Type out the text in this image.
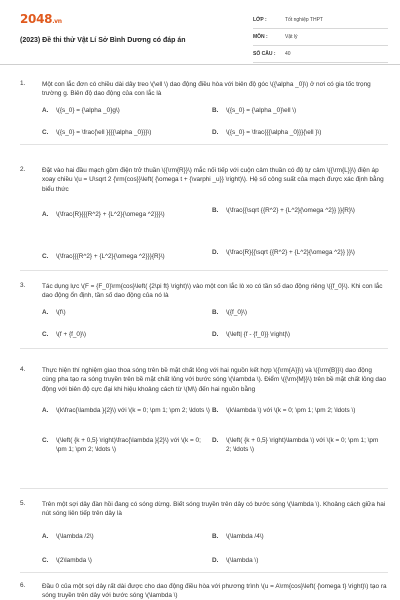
2048.vn
(2023) Đề thi thử Vật Lí Sở Bình Dương có đáp án
LỚP :	Tốt nghiệp THPT
MÔN :	Vật lý
SỐ CÂU :	40
1.	Một con lắc đơn có chiều dài dây treo \(\ell \) dao động điều hòa với biên độ góc \({\alpha _0}\) ở nơi có gia tốc trọng trường g. Biên độ dao động của con lắc là
A. \({s_0} = {\alpha _0}g\)	B. \({s_0} = {\alpha _0}\ell \)
C. \({s_0} = \frac{\ell }{{{\alpha _0}}}\)	D. \({s_0} = \frac{{{\alpha _0}}}{\ell }\)
2.	Đặt vào hai đầu mạch gồm điện trở thuần \({\rm{R}}\) mắc nối tiếp với cuộn cảm thuần có độ tự cảm \({\rm{L}}\) điện áp xoay chiều \(u = U\sqrt 2 {\rm{cos}}\left( {\omega t + {\varphi _u}} \right)\). Hệ số công suất của mạch được xác định bằng biểu thức
A. \(\frac{R}{{{R^2} + {L^2}{\omega ^2}}}\)
B. \(\frac{{\sqrt {{R^2} + {L^2}{\omega ^2}} }}{R}\)
C. \(\frac{{{R^2} + {L^2}{\omega ^2}}}{R}\)
D. \(\frac{R}{{\sqrt {{R^2} + {L^2}{\omega ^2}} }}\)
3.	Tác dụng lực \(F = {F_0}\rm{cos}\left( {2\pi ft} \right)\) vào một con lắc lò xo có tần số dao động riêng \({f_0}\). Khi con lắc dao động ổn định, tần số dao động của nó là
A. \(f\)	B. \({f_0}\)
C. \(f + {f_0}\)	D. \(\left| {f - {f_0}} \right|\)
4.	Thực hiện thí nghiệm giao thoa sóng trên bề mặt chất lỏng với hai nguồn kết hợp \({\rm{A}}\) và \({\rm{B}}\) dao động cùng pha tạo ra sóng truyền trên bề mặt chất lỏng với bước sóng \(\lambda \). Điểm \({\rm{M}}\) trên bề mặt chất lỏng dao động với biên độ cực đại khi hiệu khoảng cách từ \(M\) đến hai nguồn bằng
A. \(k\frac{\lambda }{2}\) với \(k = 0; \pm 1; \pm 2; \ldots \) B. \(k\lambda \) với \(k = 0; \pm 1; \pm 2; \ldots \)
C. \(\left( {k + 0,5} \right)\frac{\lambda }{2}\) với \(k = 0; \pm 1; \pm 2; \ldots \)
D. \(\left( {k + 0,5} \right)\lambda \) với \(k = 0; \pm 1; \pm 2; \ldots \)
5.	Trên một sợi dây đàn hồi đang có sóng dừng. Biết sóng truyền trên dây có bước sóng \(\lambda \). Khoảng cách giữa hai nút sóng liên tiếp trên dây là
A. \(\lambda /2\)	B. \(\lambda /4\)
C. \(2\lambda \)	D. \(\lambda \)
6.	Đầu 0 của một sợi dây rất dài được cho dao động điều hòa với phương trình \(u = A\rm{cos}\left( {\omega t} \right)\) tạo ra sóng truyền trên dây với bước sóng \(\lambda \)
